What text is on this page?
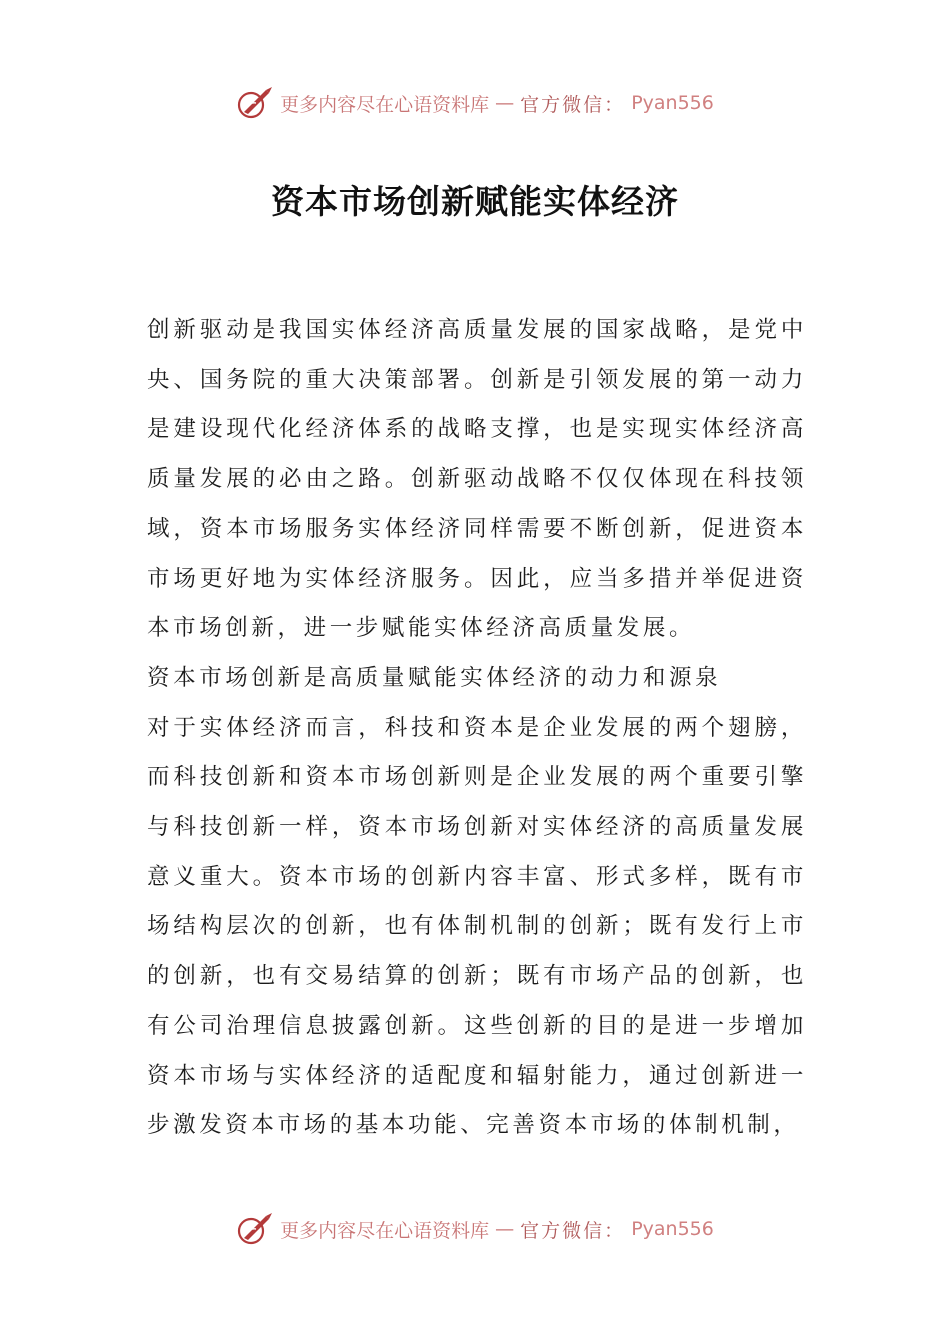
更多内容尽在心语资料库 — 官方微信： Pyan556
资本市场创新赋能实体经济

创新驱动是我国实体经济高质量发展的国家战略，是党中央、国务院的重大决策部署。创新是引领发展的第一动力是建设现代化经济体系的战略支撑，也是实现实体经济高质量发展的必由之路。创新驱动战略不仅仅体现在科技领域，资本市场服务实体经济同样需要不断创新，促进资本市场更好地为实体经济服务。因此，应当多措并举促进资本市场创新，进一步赋能实体经济高质量发展。

资本市场创新是高质量赋能实体经济的动力和源泉

对于实体经济而言，科技和资本是企业发展的两个翅膀，而科技创新和资本市场创新则是企业发展的两个重要引擎与科技创新一样，资本市场创新对实体经济的高质量发展意义重大。资本市场的创新内容丰富、形式多样，既有市场结构层次的创新，也有体制机制的创新；既有发行上市的创新，也有交易结算的创新；既有市场产品的创新，也有公司治理信息披露创新。这些创新的目的是进一步增加资本市场与实体经济的适配度和辐射能力，通过创新进一步激发资本市场的基本功能、完善资本市场的体制机制，

更多内容尽在心语资料库 — 官方微信： Pyan556
